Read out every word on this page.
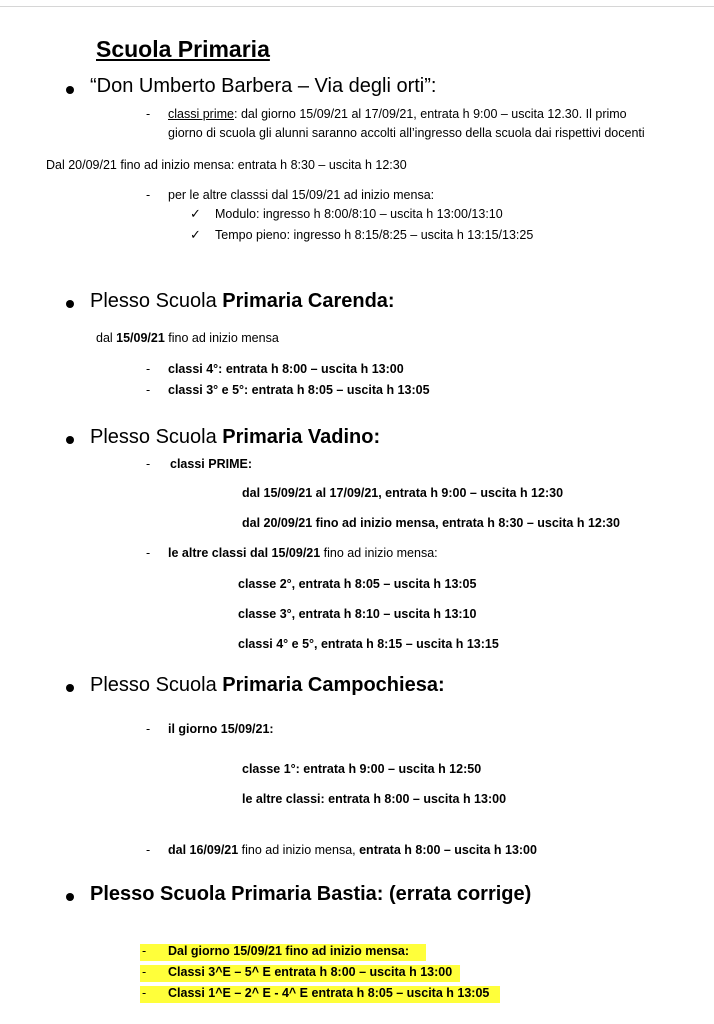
Scuola Primaria
“Don Umberto Barbera – Via degli orti”:
- classi prime: dal giorno 15/09/21 al 17/09/21, entrata h 9:00 – uscita 12.30. Il primo
giorno di scuola gli alunni saranno accolti all’ingresso della scuola dai rispettivi docenti
Dal 20/09/21 fino ad inizio mensa: entrata h 8:30 – uscita h 12:30
- per le altre classsi dal 15/09/21 ad inizio mensa:
✓ Modulo: ingresso h 8:00/8:10 – uscita h 13:00/13:10
✓ Tempo pieno: ingresso h 8:15/8:25 – uscita h 13:15/13:25
Plesso Scuola Primaria Carenda:
dal 15/09/21 fino ad inizio mensa
- classi 4°: entrata h 8:00 – uscita h 13:00
- classi 3° e 5°: entrata h 8:05 – uscita h 13:05
Plesso Scuola Primaria Vadino:
- classi PRIME:
dal 15/09/21 al 17/09/21, entrata h 9:00 – uscita h 12:30
dal 20/09/21 fino ad inizio mensa, entrata h 8:30 – uscita h 12:30
- le altre classi dal 15/09/21 fino ad inizio mensa:
classe 2°, entrata h 8:05 – uscita h 13:05
classe 3°, entrata h 8:10 – uscita h 13:10
classi 4° e 5°, entrata h 8:15 – uscita h 13:15
Plesso Scuola Primaria Campochiesa:
- il giorno 15/09/21:
classe 1°: entrata h 9:00 – uscita h 12:50
le altre classi: entrata h 8:00 – uscita h 13:00
- dal 16/09/21 fino ad inizio mensa, entrata h 8:00 – uscita h 13:00
Plesso Scuola Primaria Bastia: (errata corrige)
- Dal giorno 15/09/21 fino ad inizio mensa:
- Classi 3^E – 5^ E entrata h 8:00 – uscita h 13:00
- Classi 1^E – 2^ E - 4^ E entrata h 8:05 – uscita h 13:05
